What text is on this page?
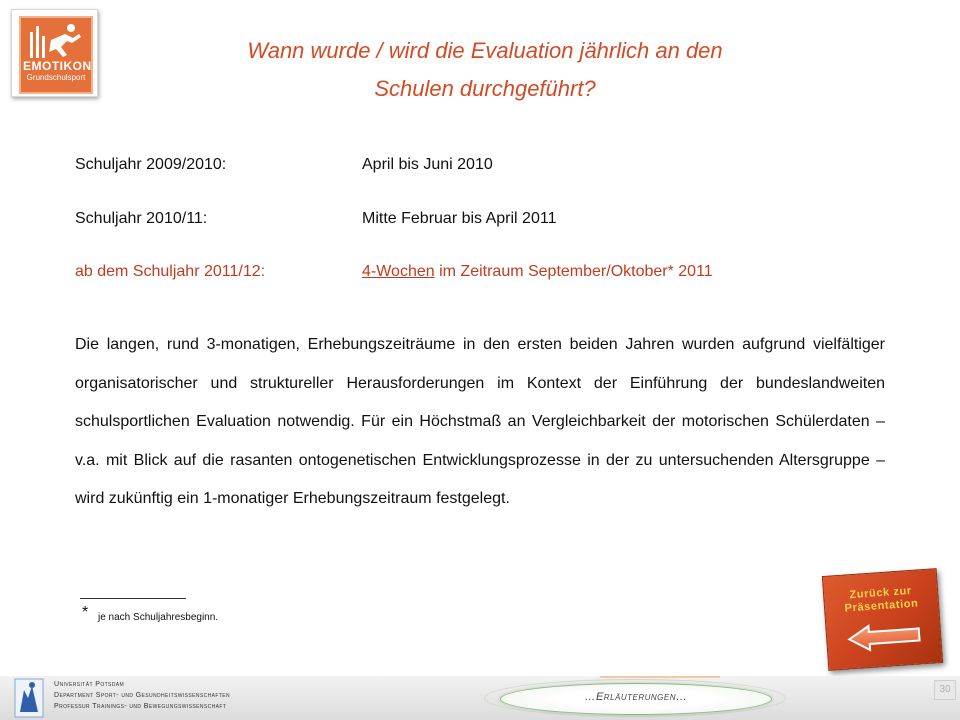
EMOTIKON
Grundschulsport
Wann wurde / wird die Evaluation jährlich an den
Schulen durchgeführt?
Schuljahr 2009/2010:	April bis Juni 2010
Schuljahr 2010/11:	Mitte Februar bis April 2011
ab dem Schuljahr 2011/12:	4-Wochen im Zeitraum September/Oktober* 2011
Die langen, rund 3-monatigen, Erhebungszeiträume in den ersten beiden Jahren wurden aufgrund vielfältiger organisatorischer und struktureller Herausforderungen im Kontext der Einführung der bundeslandweiten schulsportlichen Evaluation notwendig. Für ein Höchstmaß an Vergleichbarkeit der motorischen Schülerdaten – v.a. mit Blick auf die rasanten ontogenetischen Entwicklungsprozesse in der zu untersuchenden Altersgruppe – wird zukünftig ein 1-monatiger Erhebungszeitraum festgelegt.
* je nach Schuljahresbeginn.
Zurück zur
Präsentation
Universität Potsdam
Department Sport- und Gesundheitswissenschaften
Professur Trainings- und Bewegungswissenschaft
…Erläuterungen…
30
